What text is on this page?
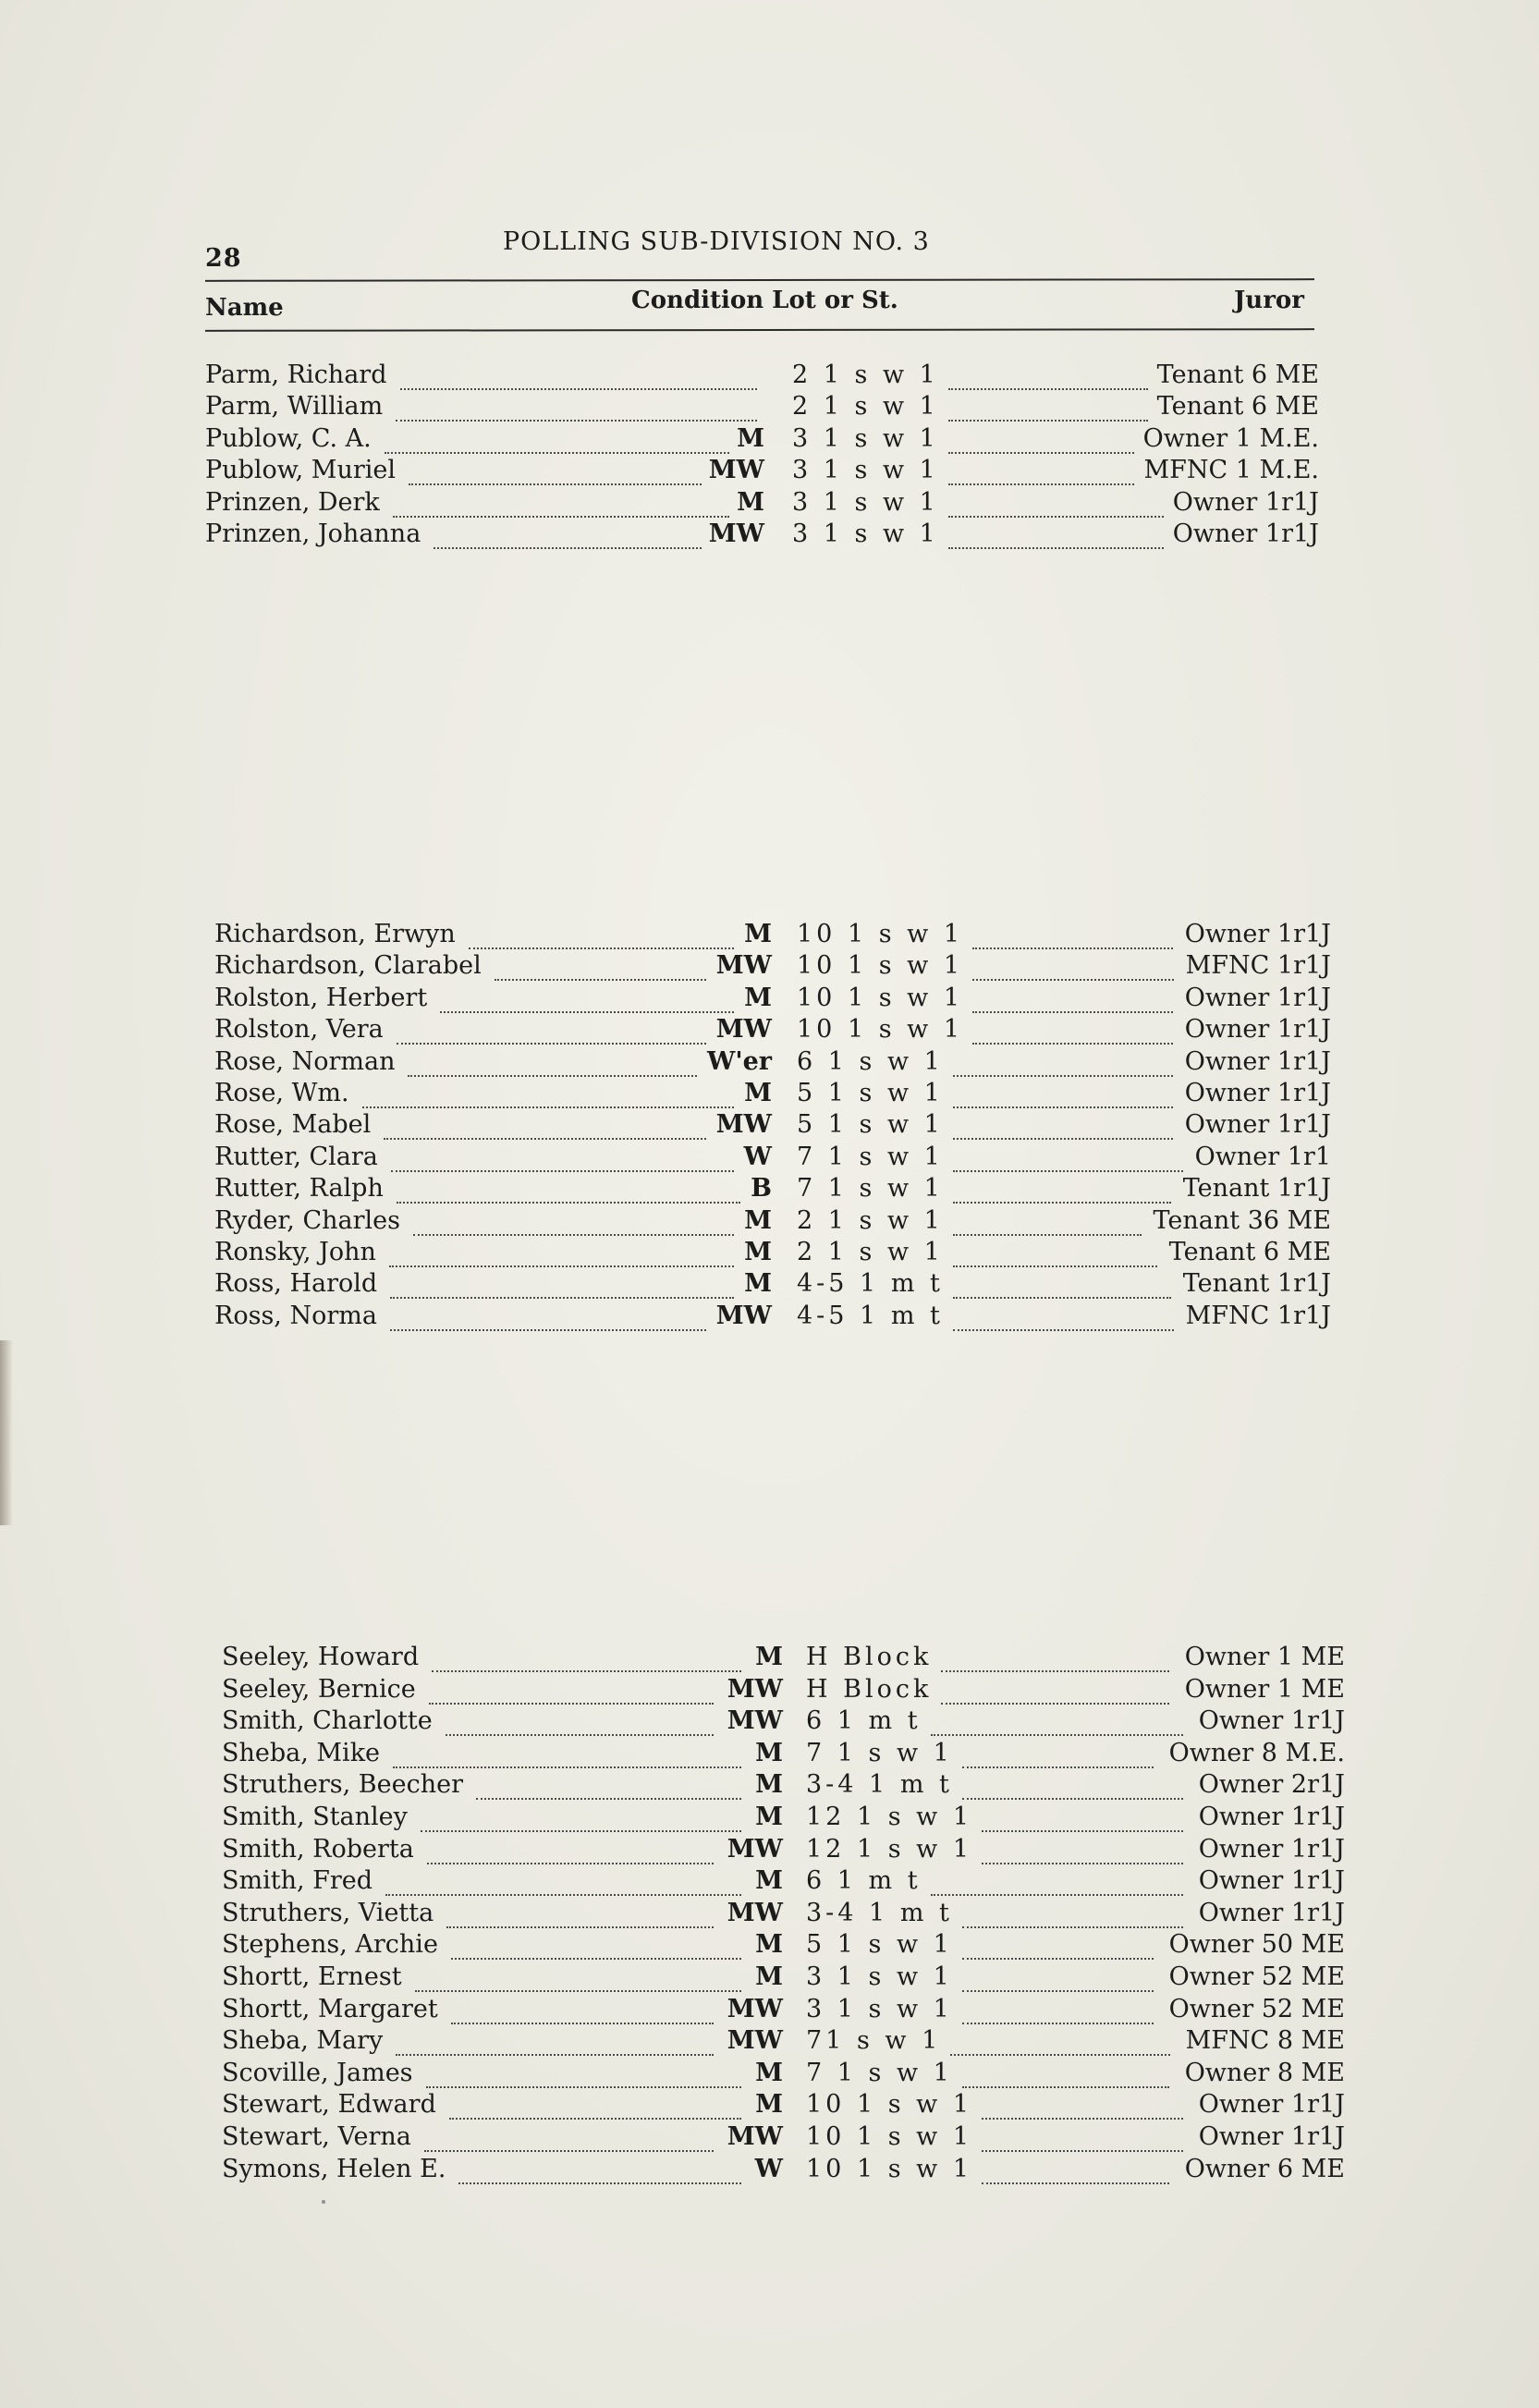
28
POLLING SUB-DIVISION NO. 3
Name	Condition Lot or St.	Juror
Parm, Richard	2 1 s w 1	Tenant 6 ME
Parm, William	2 1 s w 1	Tenant 6 ME
Publow, C. A.	M 3 1 s w 1	Owner 1 M.E.
Publow, Muriel	MW 3 1 s w 1	MFNC 1 M.E.
Prinzen, Derk	M 3 1 s w 1	Owner 1r1J
Prinzen, Johanna	MW 3 1 s w 1	Owner 1r1J
Richardson, Erwyn	M 10 1 s w 1	Owner 1r1J
Richardson, Clarabel	MW 10 1 s w 1	MFNC 1r1J
Rolston, Herbert	M 10 1 s w 1	Owner 1r1J
Rolston, Vera	MW 10 1 s w 1	Owner 1r1J
Rose, Norman	W'er 6 1 s w 1	Owner 1r1J
Rose, Wm.	M 5 1 s w 1	Owner 1r1J
Rose, Mabel	MW 5 1 s w 1	Owner 1r1J
Rutter, Clara	W 7 1 s w 1	Owner 1r1
Rutter, Ralph	B 7 1 s w 1	Tenant 1r1J
Ryder, Charles	M 2 1 s w 1	Tenant 36 ME
Ronsky, John	M 2 1 s w 1	Tenant 6 ME
Ross, Harold	M 4-5 1 m t	Tenant 1r1J
Ross, Norma	MW 4-5 1 m t	MFNC 1r1J
Seeley, Howard	M H Block	Owner 1 ME
Seeley, Bernice	MW H Block	Owner 1 ME
Smith, Charlotte	MW 6 1 m t	Owner 1r1J
Sheba, Mike	M 7 1 s w 1	Owner 8 M.E.
Struthers, Beecher	M 3-4 1 m t	Owner 2r1J
Smith, Stanley	M 12 1 s w 1	Owner 1r1J
Smith, Roberta	MW 12 1 s w 1	Owner 1r1J
Smith, Fred	M 6 1 m t	Owner 1r1J
Struthers, Vietta	MW 3-4 1 m t	Owner 1r1J
Stephens, Archie	M 5 1 s w 1	Owner 50 ME
Shortt, Ernest	M 3 1 s w 1	Owner 52 ME
Shortt, Margaret	MW 3 1 s w 1	Owner 52 ME
Sheba, Mary	MW 71 s w 1	MFNC 8 ME
Scoville, James	M 7 1 s w 1	Owner 8 ME
Stewart, Edward	M 10 1 s w 1	Owner 1r1J
Stewart, Verna	MW 10 1 s w 1	Owner 1r1J
Symons, Helen E.	W 10 1 s w 1	Owner 6 ME
